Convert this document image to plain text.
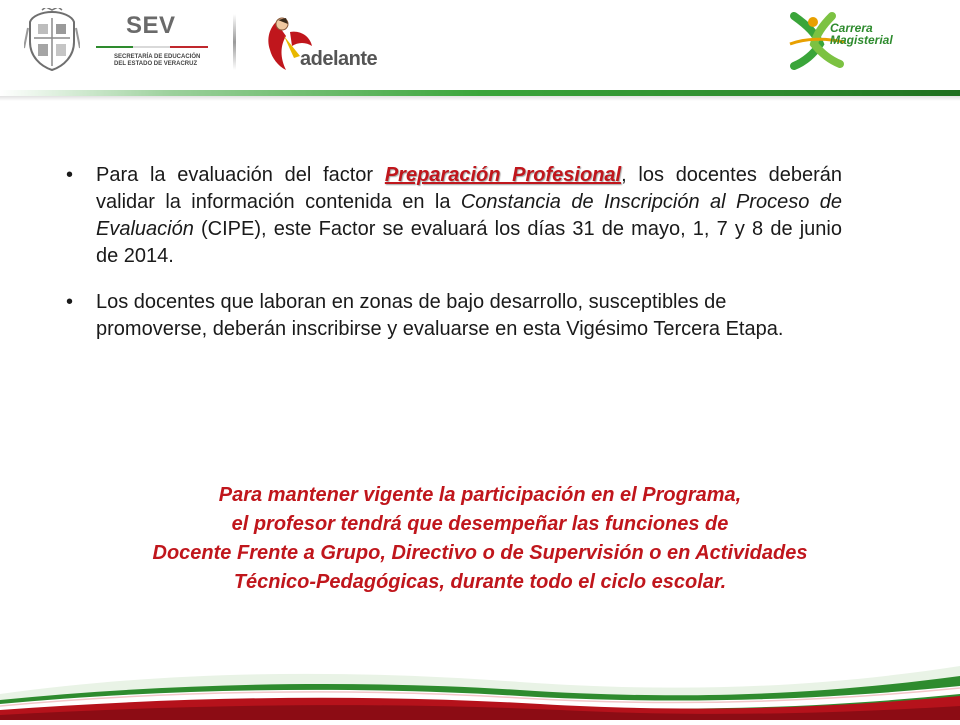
SEV
SECRETARÍA DE EDUCACIÓN
DEL ESTADO DE VERACRUZ	adelante
Carrera
Magisterial
• Para la evaluación del factor Preparación Profesional, los docentes deberán validar la información contenida en la Constancia de Inscripción al Proceso de Evaluación (CIPE), este Factor se evaluará los días 31 de mayo, 1, 7 y 8 de junio de 2014.
• Los docentes que laboran en zonas de bajo desarrollo, susceptibles de promoverse, deberán inscribirse y evaluarse en esta Vigésimo Tercera Etapa.
Para mantener vigente la participación en el Programa,
el profesor tendrá que desempeñar las funciones de
Docente Frente a Grupo, Directivo o de Supervisión o en Actividades
Técnico-Pedagógicas, durante todo el ciclo escolar.
